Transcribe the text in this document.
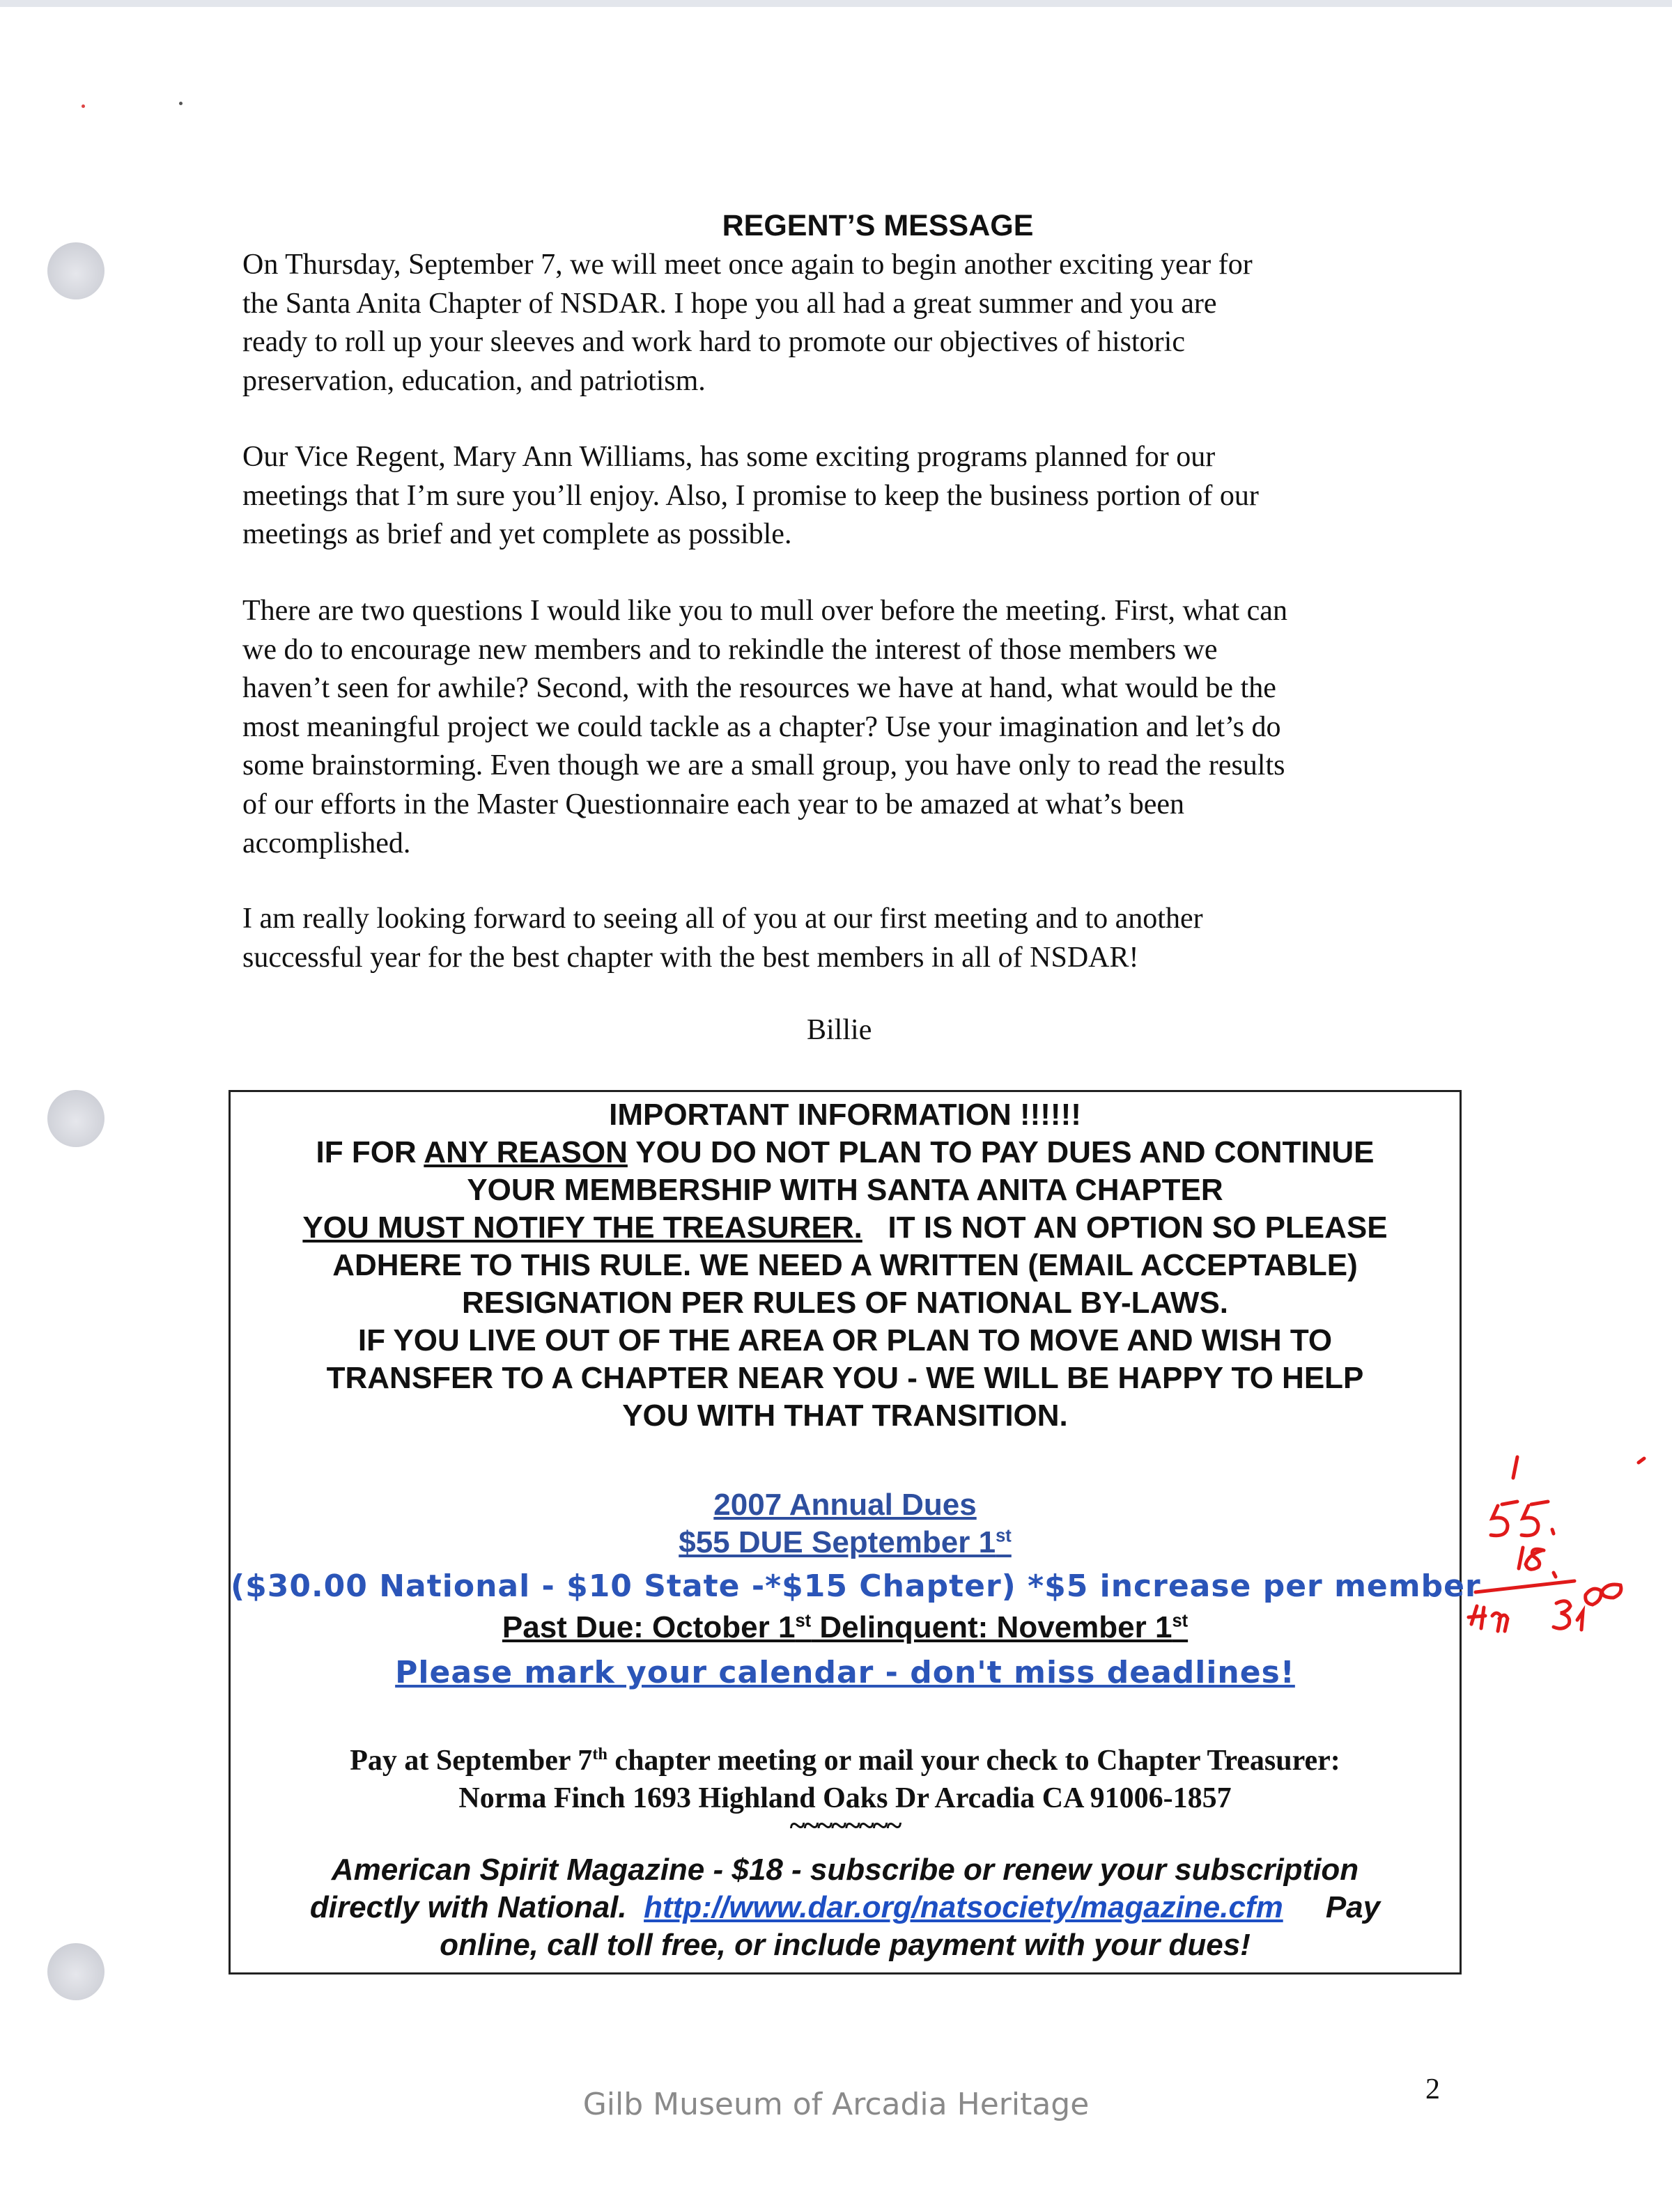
REGENT’S MESSAGE
On Thursday, September 7, we will meet once again to begin another exciting year for
the Santa Anita Chapter of NSDAR. I hope you all had a great summer and you are
ready to roll up your sleeves and work hard to promote our objectives of historic
preservation, education, and patriotism.
Our Vice Regent, Mary Ann Williams, has some exciting programs planned for our
meetings that I’m sure you’ll enjoy. Also, I promise to keep the business portion of our
meetings as brief and yet complete as possible.
There are two questions I would like you to mull over before the meeting. First, what can
we do to encourage new members and to rekindle the interest of those members we
haven’t seen for awhile? Second, with the resources we have at hand, what would be the
most meaningful project we could tackle as a chapter? Use your imagination and let’s do
some brainstorming. Even though we are a small group, you have only to read the results
of our efforts in the Master Questionnaire each year to be amazed at what’s been
accomplished.
I am really looking forward to seeing all of you at our first meeting and to another
successful year for the best chapter with the best members in all of NSDAR!
Billie

IMPORTANT INFORMATION !!!!!!

IF FOR ANY REASON YOU DO NOT PLAN TO PAY DUES AND CONTINUE

YOUR MEMBERSHIP WITH SANTA ANITA CHAPTER

YOU MUST NOTIFY THE TREASURER.   IT IS NOT AN OPTION SO PLEASE

ADHERE TO THIS RULE. WE NEED A WRITTEN (EMAIL ACCEPTABLE)

RESIGNATION PER RULES OF NATIONAL BY-LAWS.

IF YOU LIVE OUT OF THE AREA OR PLAN TO MOVE AND WISH TO

TRANSFER TO A CHAPTER NEAR YOU - WE WILL BE HAPPY TO HELP

YOU WITH THAT TRANSITION.

2007 Annual Dues

$55 DUE September 1st

($30.00 National - $10 State -*$15 Chapter) *$5 increase per member

Past Due: October 1st Delinquent: November 1st

Please mark your calendar - don't miss deadlines!

Pay at September 7th chapter meeting or mail your check to Chapter Treasurer:

Norma Finch 1693 Highland Oaks Dr Arcadia CA 91006-1857

~~~~~~~~

American Spirit Magazine - $18 - subscribe or renew your subscription

directly with National.  http://www.dar.org/natsociety/magazine.cfm     Pay

online, call toll free, or include payment with your dues!

2
Gilb Museum of Arcadia Heritage
